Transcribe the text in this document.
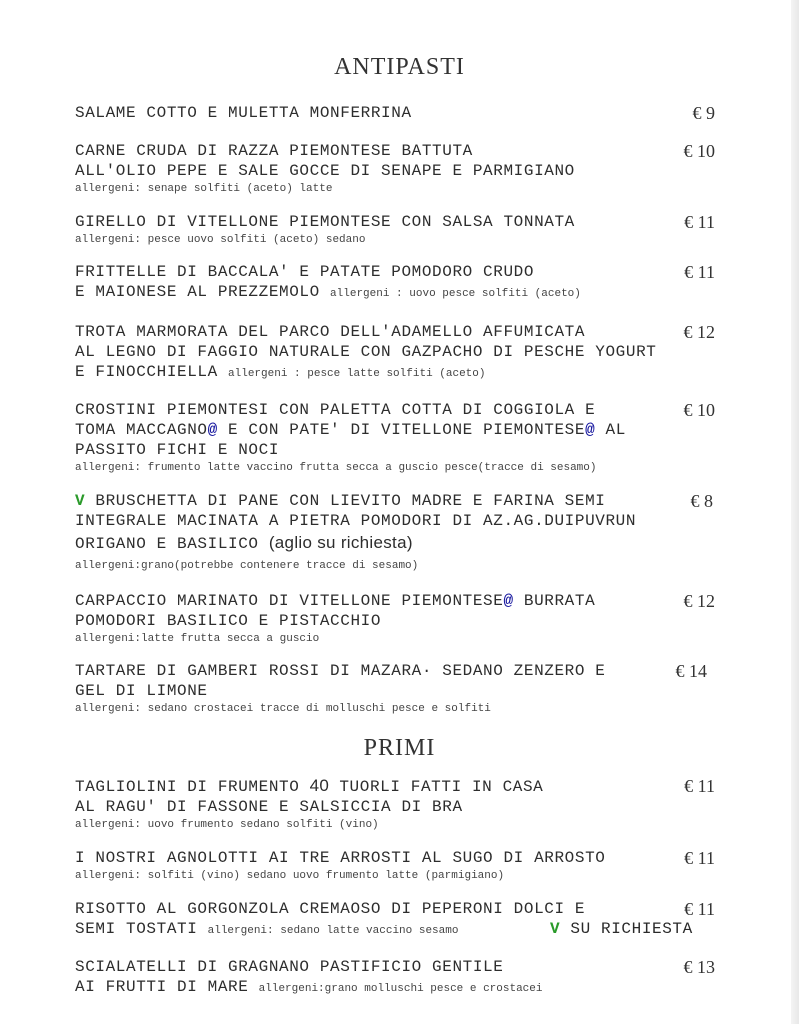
ANTIPASTI
SALAME COTTO E MULETTA MONFERRINA	€ 9
CARNE CRUDA DI RAZZA PIEMONTESE BATTUTA
ALL'OLIO PEPE E SALE GOCCE DI SENAPE E PARMIGIANO
allergeni: senape solfiti (aceto) latte
€ 10
GIRELLO DI VITELLONE PIEMONTESE CON SALSA TONNATA
allergeni: pesce uovo solfiti (aceto) sedano
€ 11
FRITTELLE DI BACCALA' E PATATE POMODORO CRUDO
E MAIONESE AL PREZZEMOLO allergeni : uovo pesce solfiti (aceto)
€ 11
TROTA MARMORATA DEL PARCO DELL'ADAMELLO AFFUMICATA
AL LEGNO DI FAGGIO NATURALE CON GAZPACHO DI PESCHE YOGURT
E FINOCCHIELLA allergeni : pesce latte solfiti (aceto)
€ 12
CROSTINI PIEMONTESI CON PALETTA COTTA DI COGGIOLA E
TOMA MACCAGNO@ E CON PATE' DI VITELLONE PIEMONTESE@ AL
PASSITO FICHI E NOCI
allergeni: frumento latte vaccino frutta secca a guscio pesce(tracce di sesamo)
€ 10
V BRUSCHETTA DI PANE CON LIEVITO MADRE E FARINA SEMI
INTEGRALE MACINATA A PIETRA POMODORI DI AZ.AG.DUIPUVRUN
ORIGANO E BASILICO (aglio su richiesta)
allergeni:grano(potrebbe contenere tracce di sesamo)
€ 8
CARPACCIO MARINATO DI VITELLONE PIEMONTESE@ BURRATA
POMODORI BASILICO E PISTACCHIO
allergeni:latte frutta secca a guscio
€ 12
TARTARE DI GAMBERI ROSSI DI MAZARA· SEDANO ZENZERO E
GEL DI LIMONE
allergeni: sedano crostacei tracce di molluschi pesce e solfiti
€ 14
PRIMI
TAGLIOLINI DI FRUMENTO 40 TUORLI FATTI IN CASA
AL RAGU' DI FASSONE E SALSICCIA DI BRA
allergeni: uovo frumento sedano solfiti (vino)
€ 11
I NOSTRI AGNOLOTTI AI TRE ARROSTI AL SUGO DI ARROSTO
allergeni: solfiti (vino) sedano uovo frumento latte (parmigiano)
€ 11
RISOTTO AL GORGONZOLA CREMAOSO DI PEPERONI DOLCI E
SEMI TOSTATI allergeni: sedano latte vaccino sesamo	V SU RICHIESTA
€ 11
SCIALATELLI DI GRAGNANO PASTIFICIO GENTILE
AI FRUTTI DI MARE allergeni:grano molluschi pesce e crostacei
€ 13
